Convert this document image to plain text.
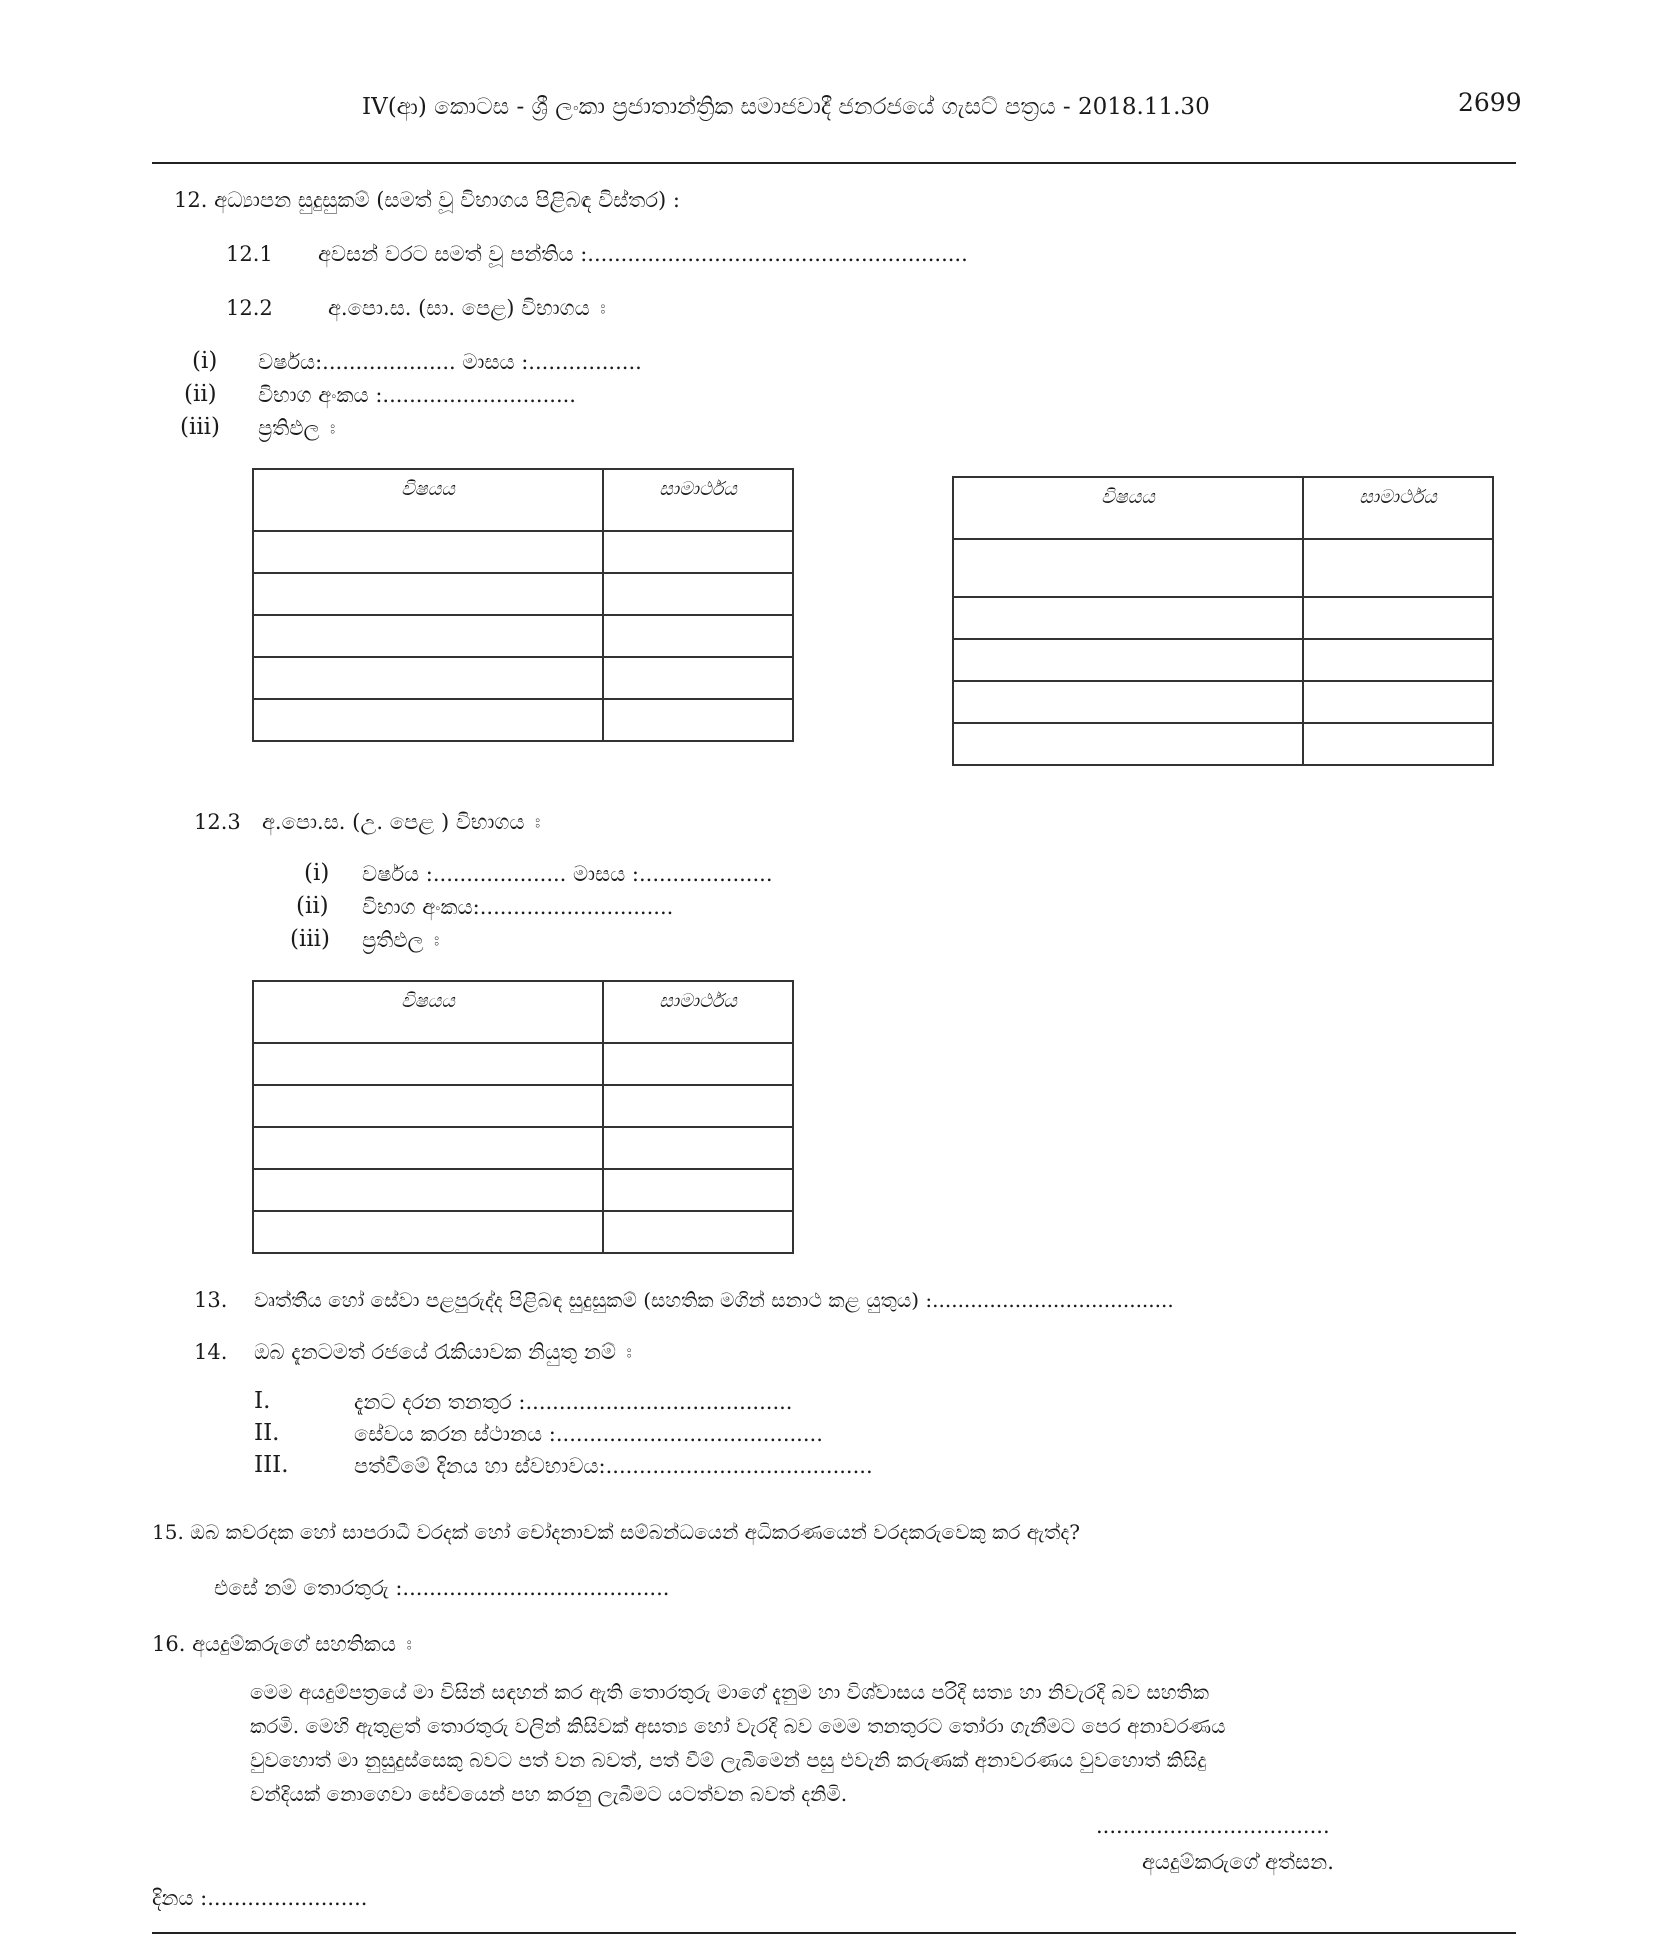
IV(ආ) කොටස - ශ්‍රී ලංකා ප්‍රජාතාන්ත්‍රික සමාජවාදී ජනරජයේ ගැසට් පත්‍රය - 2018.11.30	2699
12. අධ්‍යාපන සුදුසුකම් (සමත් වූ විභාගය පිළිබඳ විස්තර) :
12.1 අවසන් වරට සමත් වූ පන්තිය :.........................................................
12.2	අ.පො.ස. (සා. පෙළ) විභාගය ඃ
(i) වර්ෂය:.................... මාසය :.................
(ii) විභාග අංකය :.............................
(iii) ප්‍රතිඵල ඃ
විෂයය	සාමාර්ථය

		විෂයය	සාමාර්ථය

12.3 අ.පො.ස. (උ. පෙළ ) විභාගය ඃ
(i) වර්ෂය :.................... මාසය :....................
(ii) විභාග අංකය:.............................
(iii) ප්‍රතිඵල ඃ
විෂයය	සාමාර්ථය

13. වෘත්තීය හෝ සේවා පළපුරුද්ද පිළිබඳ සුදුසුකම් (සහතික මගින් සනාථ කළ යුතුය) :......................................
14. ඔබ දැනටමත් රජයේ රැකියාවක නියුතු නම් ඃ
I.	දැනට දරන තනතුර :........................................
II.	සේවය කරන ස්ථානය :........................................
III.	පත්වීමේ දිනය හා ස්වභාවය:........................................
15. ඔබ කවරදක හෝ සාපරාධී වරදක් හෝ චෝදනාවක් සම්බන්ධයෙන් අධිකරණයෙන් වරදකරුවෙකු කර ඇත්ද?
එසේ නම් තොරතුරු :........................................
16. අයදුම්කරුගේ සහතිකය ඃ
මෙම අයදුම්පත්‍රයේ මා විසින් සඳහන් කර ඇති තොරතුරු මාගේ දැනුම හා විශ්වාසය පරිදි සත්‍ය හා නිවැරදි බව සහතික
කරමි. මෙහි ඇතුළත් තොරතුරු වලින් කිසිවක් අසත්‍ය හෝ වැරදි බව මෙම තනතුරට තෝරා ගැනීමට පෙර අනාවරණය
වුවහොත් මා නුසුදුස්සෙකු බවට පත් වන බවත්, පත් වීම් ලැබීමෙන් පසු එවැනි කරුණක් අනාවරණය වුවහොත් කිසිදු
වන්දියක් නොගෙවා සේවයෙන් පහ කරනු ලැබීමට යටත්වන බවත් දනිමි.
...................................
අයදුම්කරුගේ අත්සන.
දිනය :........................
